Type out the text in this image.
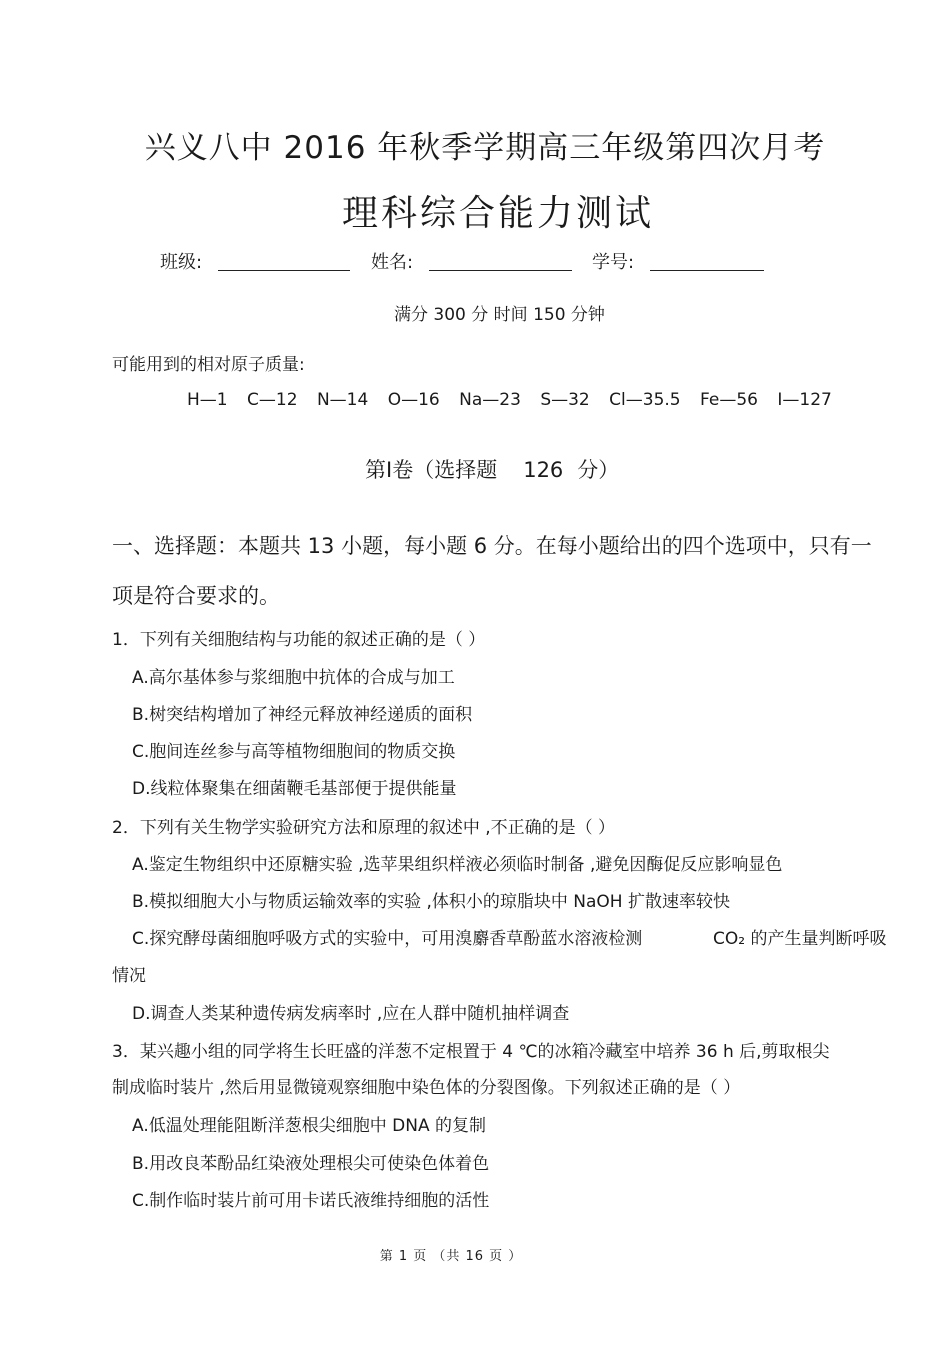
兴义八中 2016 年秋季学期高三年级第四次月考
理科综合能力测试
班级:	姓名:	学号:
满分 300 分 时间 150 分钟
可能用到的相对原子质量:
H—1 C—12 N—14 O—16 Na—23 S—32 Cl—35.5 Fe—56 I—127
第Ⅰ卷（选择题 126 分）
一、选择题：本题共 13 小题，每小题 6 分。在每小题给出的四个选项中，只有一
项是符合要求的。
1．下列有关细胞结构与功能的叙述正确的是（ ）
A.高尔基体参与浆细胞中抗体的合成与加工
B.树突结构增加了神经元释放神经递质的面积
C.胞间连丝参与高等植物细胞间的物质交换
D.线粒体聚集在细菌鞭毛基部便于提供能量
2．下列有关生物学实验研究方法和原理的叙述中 ,不正确的是（ ）
A.鉴定生物组织中还原糖实验 ,选苹果组织样液必须临时制备 ,避免因酶促反应影响显色
B.模拟细胞大小与物质运输效率的实验 ,体积小的琼脂块中 NaOH 扩散速率较快
C.探究酵母菌细胞呼吸方式的实验中，可用溴麝香草酚蓝水溶液检测	CO₂ 的产生量判断呼吸
情况
D.调查人类某种遗传病发病率时 ,应在人群中随机抽样调查
3．某兴趣小组的同学将生长旺盛的洋葱不定根置于 4 ℃的冰箱冷藏室中培养 36 h 后,剪取根尖
制成临时装片 ,然后用显微镜观察细胞中染色体的分裂图像。下列叙述正确的是（ ）
A.低温处理能阻断洋葱根尖细胞中 DNA 的复制
B.用改良苯酚品红染液处理根尖可使染色体着色
C.制作临时装片前可用卡诺氏液维持细胞的活性
第 1 页 （共 16 页 ）
